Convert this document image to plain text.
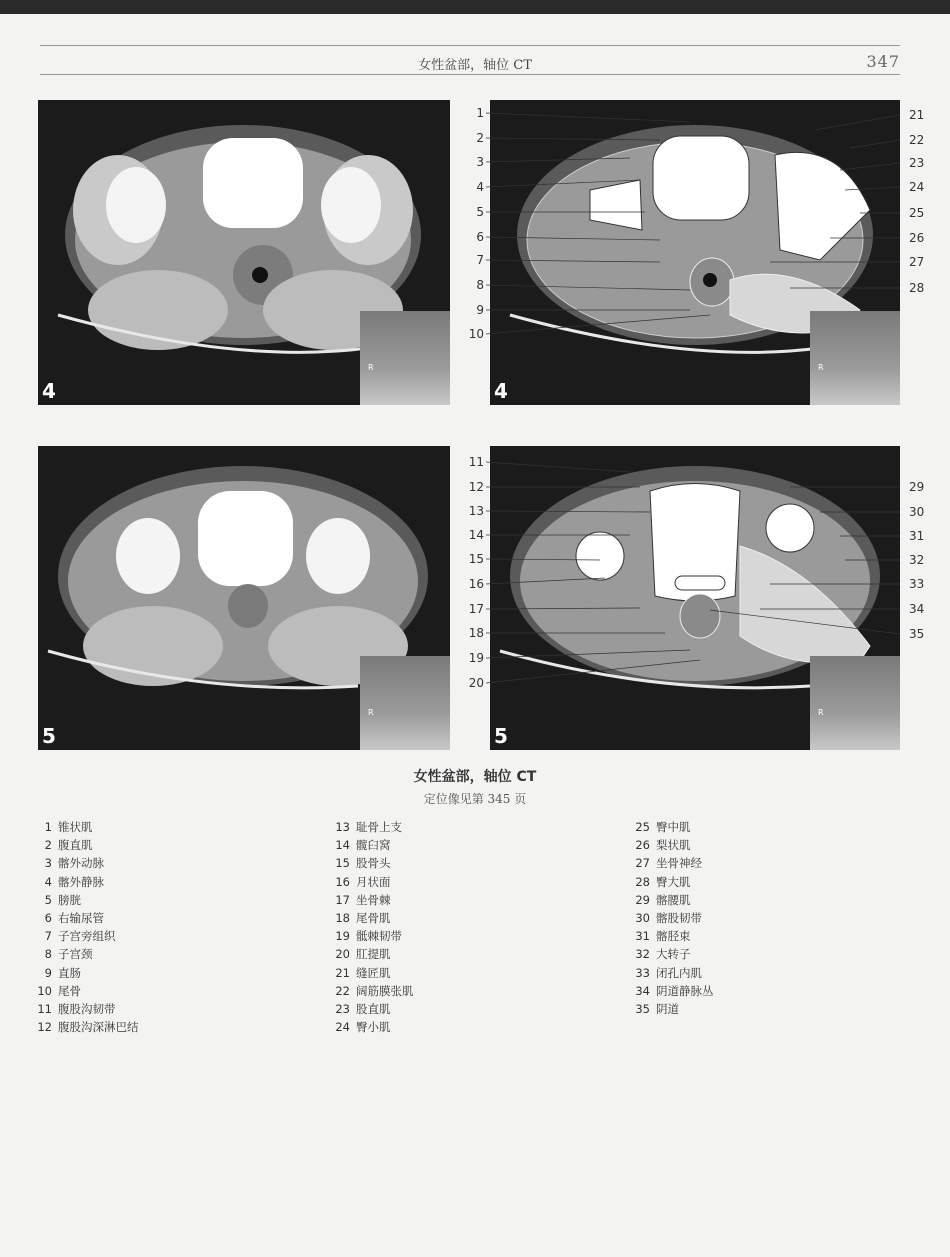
女性盆部，轴位 CT	347
R
4
R
4
R
5
R
5
1
2
3
4
5
6
7
8
9
10
21
22
23
24
25
26
27
28
11
12
13
14
15
16
17
18
19
20
29
30
31
32
33
34
35
女性盆部，轴位 CT
定位像见第 345 页
1 锥状肌
2 腹直肌
3 髂外动脉
4 髂外静脉
5 膀胱
6 右输尿管
7 子宫旁组织
8 子宫颈
9 直肠
10 尾骨
11 腹股沟韧带
12 腹股沟深淋巴结
13 耻骨上支
14 髋臼窝
15 股骨头
16 月状面
17 坐骨棘
18 尾骨肌
19 骶棘韧带
20 肛提肌
21 缝匠肌
22 阔筋膜张肌
23 股直肌
24 臀小肌
25 臀中肌
26 梨状肌
27 坐骨神经
28 臀大肌
29 髂腰肌
30 髂股韧带
31 髂胫束
32 大转子
33 闭孔内肌
34 阴道静脉丛
35 阴道
